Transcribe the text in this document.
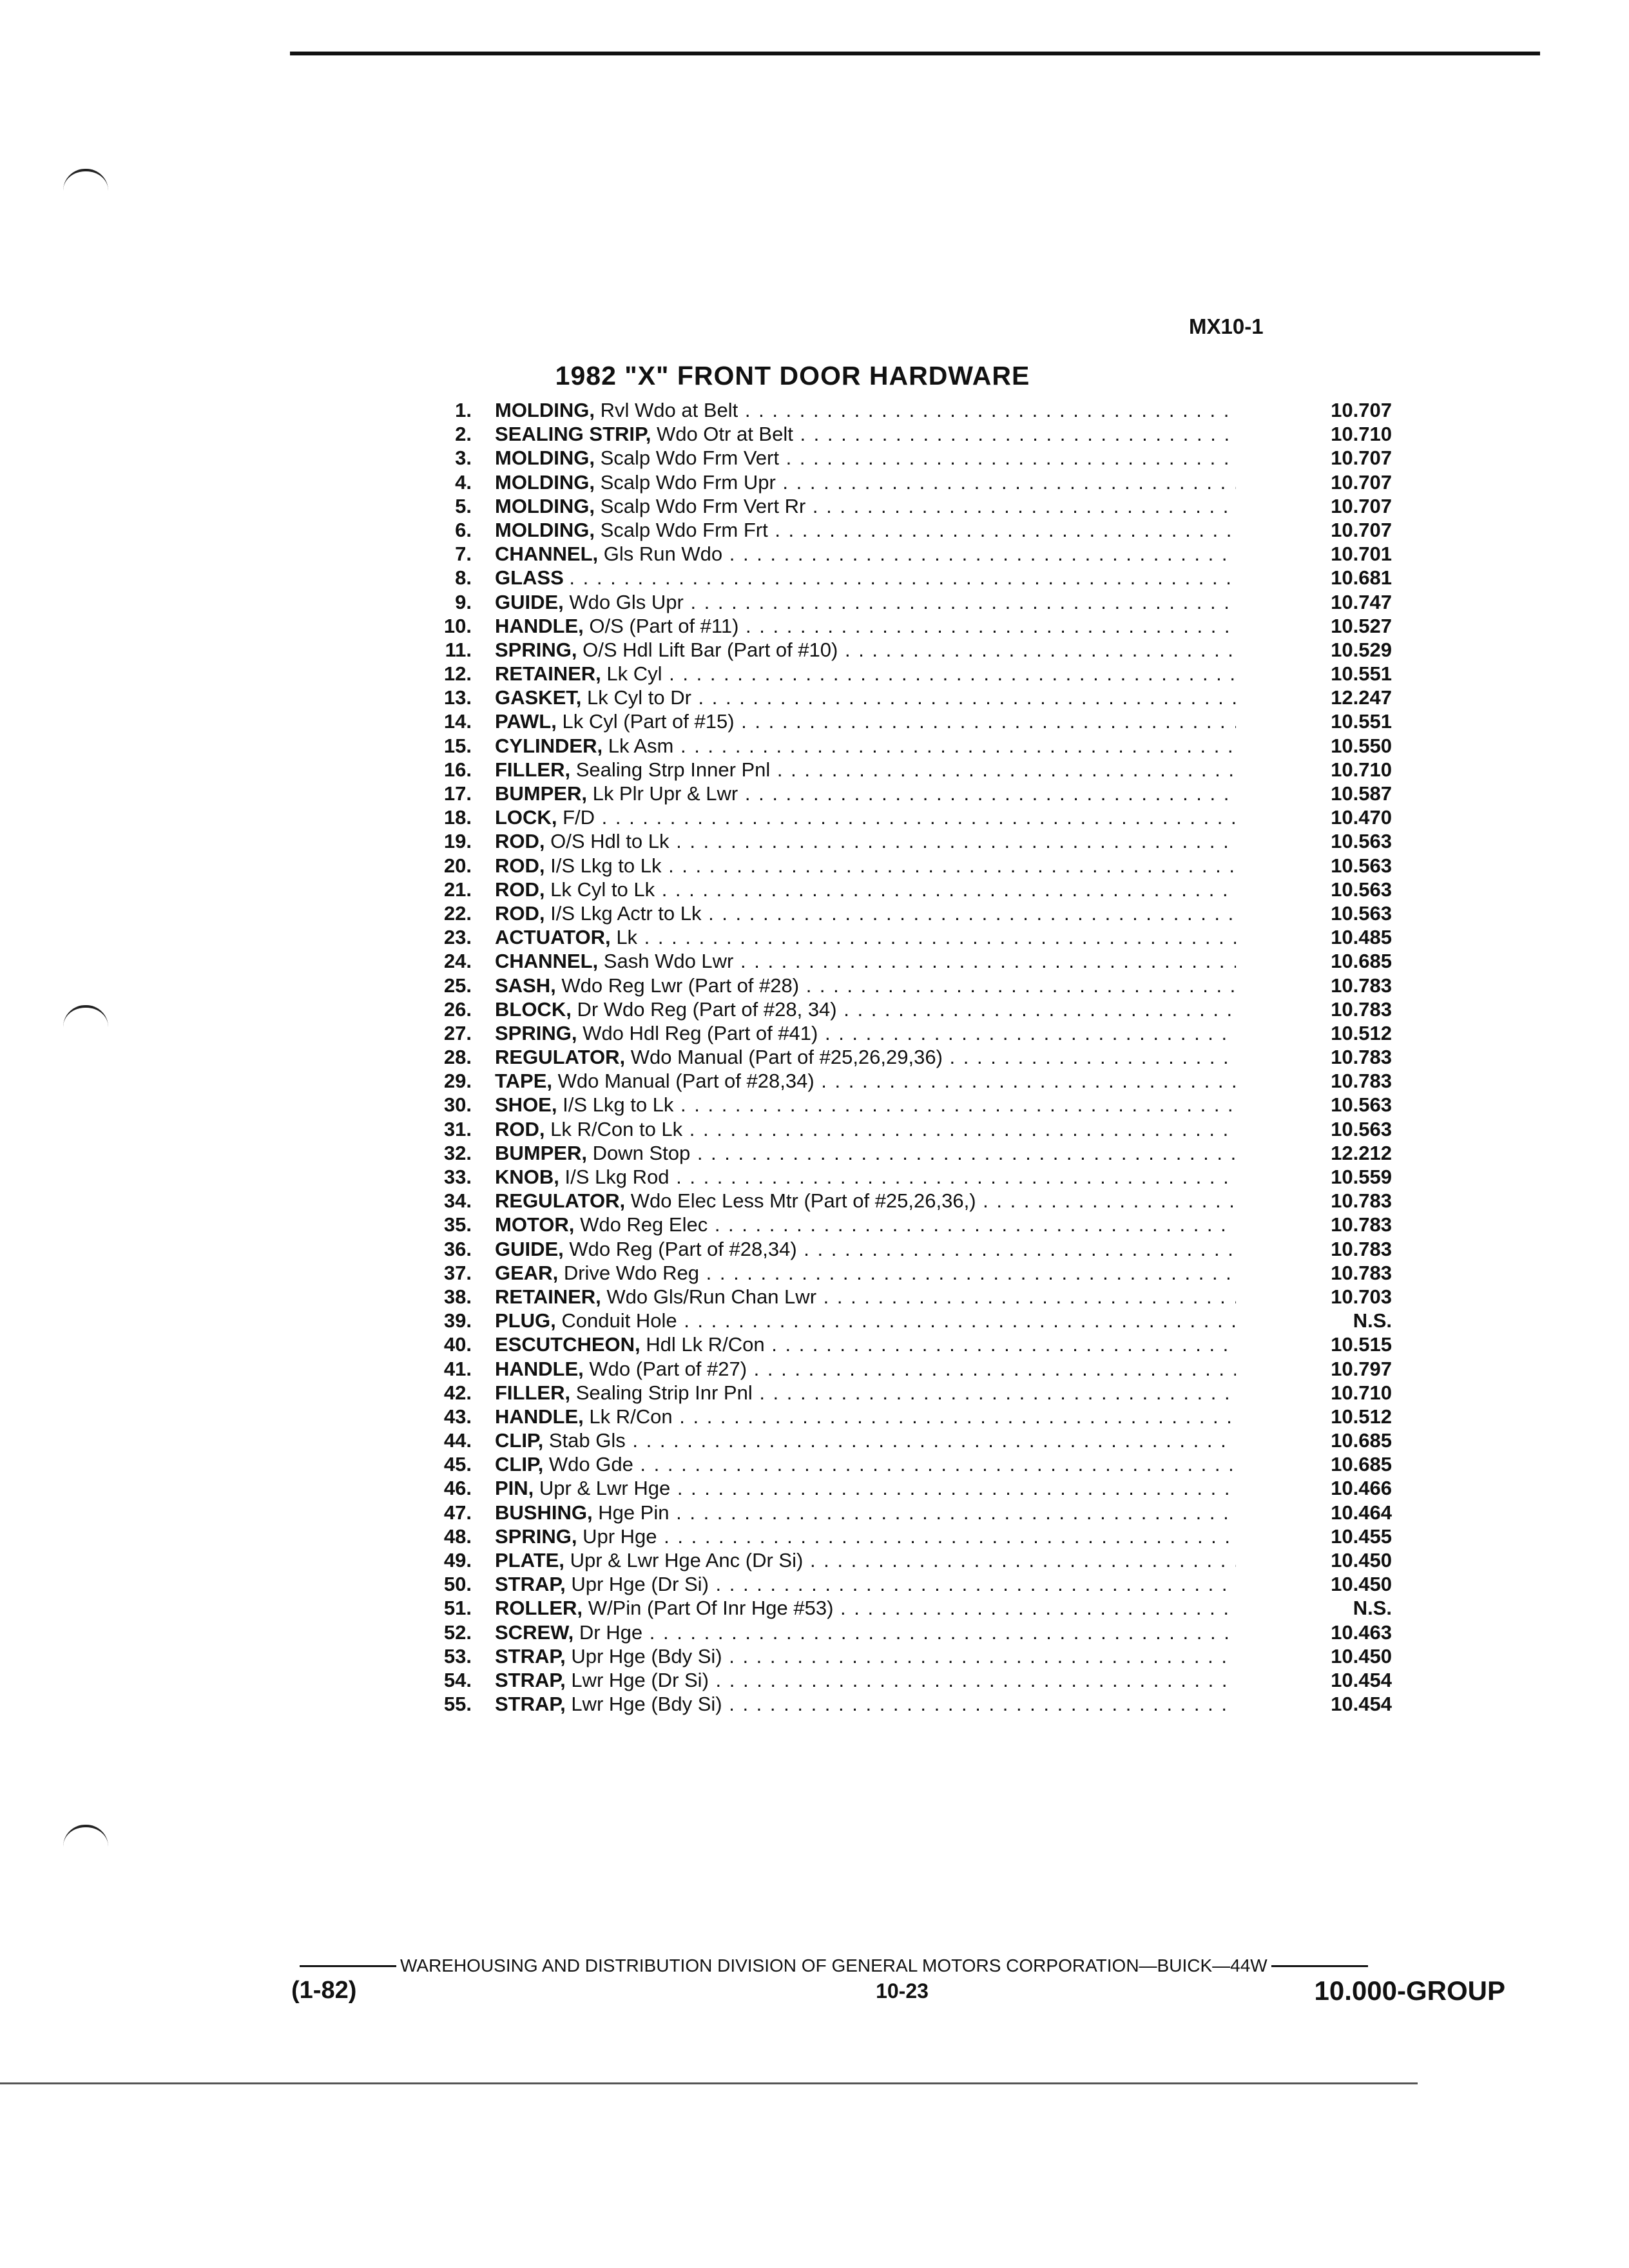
MX10-1
1982 "X" FRONT DOOR HARDWARE
1. MOLDING, Rvl Wdo at Belt . . .	10.707
2. SEALING STRIP, Wdo Otr at Belt . . .	10.710
3. MOLDING, Scalp Wdo Frm Vert . . .	10.707
4. MOLDING, Scalp Wdo Frm Upr . . .	10.707
5. MOLDING, Scalp Wdo Frm Vert Rr . . .	10.707
6. MOLDING, Scalp Wdo Frm Frt . . .	10.707
7. CHANNEL, Gls Run Wdo . . .	10.701
8. GLASS . . .	10.681
9. GUIDE, Wdo Gls Upr . . .	10.747
10. HANDLE, O/S (Part of #11) . . .	10.527
11. SPRING, O/S Hdl Lift Bar (Part of #10) . . .	10.529
12. RETAINER, Lk Cyl . . .	10.551
13. GASKET, Lk Cyl to Dr . . .	12.247
14. PAWL, Lk Cyl (Part of #15) . . .	10.551
15. CYLINDER, Lk Asm . . .	10.550
16. FILLER, Sealing Strp Inner Pnl . . .	10.710
17. BUMPER, Lk Plr Upr & Lwr . . .	10.587
18. LOCK, F/D . . .	10.470
19. ROD, O/S Hdl to Lk . . .	10.563
20. ROD, I/S Lkg to Lk . . .	10.563
21. ROD, Lk Cyl to Lk . . .	10.563
22. ROD, I/S Lkg Actr to Lk . . .	10.563
23. ACTUATOR, Lk . . .	10.485
24. CHANNEL, Sash Wdo Lwr . . .	10.685
25. SASH, Wdo Reg Lwr (Part of #28) . . .	10.783
26. BLOCK, Dr Wdo Reg (Part of #28, 34) . . .	10.783
27. SPRING, Wdo Hdl Reg (Part of #41) . . .	10.512
28. REGULATOR, Wdo Manual (Part of #25,26,29,36) . . .	10.783
29. TAPE, Wdo Manual (Part of #28,34) . . .	10.783
30. SHOE, I/S Lkg to Lk . . .	10.563
31. ROD, Lk R/Con to Lk . . .	10.563
32. BUMPER, Down Stop . . .	12.212
33. KNOB, I/S Lkg Rod . . .	10.559
34. REGULATOR, Wdo Elec Less Mtr (Part of #25,26,36,) . . .	10.783
35. MOTOR, Wdo Reg Elec . . .	10.783
36. GUIDE, Wdo Reg (Part of #28,34) . . .	10.783
37. GEAR, Drive Wdo Reg . . .	10.783
38. RETAINER, Wdo Gls/Run Chan Lwr . . .	10.703
39. PLUG, Conduit Hole . . .	N.S.
40. ESCUTCHEON, Hdl Lk R/Con . . .	10.515
41. HANDLE, Wdo (Part of #27) . . .	10.797
42. FILLER, Sealing Strip Inr Pnl . . .	10.710
43. HANDLE, Lk R/Con . . .	10.512
44. CLIP, Stab Gls . . .	10.685
45. CLIP, Wdo Gde . . .	10.685
46. PIN, Upr & Lwr Hge . . .	10.466
47. BUSHING, Hge Pin . . .	10.464
48. SPRING, Upr Hge . . .	10.455
49. PLATE, Upr & Lwr Hge Anc (Dr Si) . . .	10.450
50. STRAP, Upr Hge (Dr Si) . . .	10.450
51. ROLLER, W/Pin (Part Of Inr Hge #53) . . .	N.S.
52. SCREW, Dr Hge . . .	10.463
53. STRAP, Upr Hge (Bdy Si) . . .	10.450
54. STRAP, Lwr Hge (Dr Si) . . .	10.454
55. STRAP, Lwr Hge (Bdy Si) . . .	10.454
WAREHOUSING AND DISTRIBUTION DIVISION OF GENERAL MOTORS CORPORATION—BUICK—44W
(1-82)	10-23	10.000-GROUP
